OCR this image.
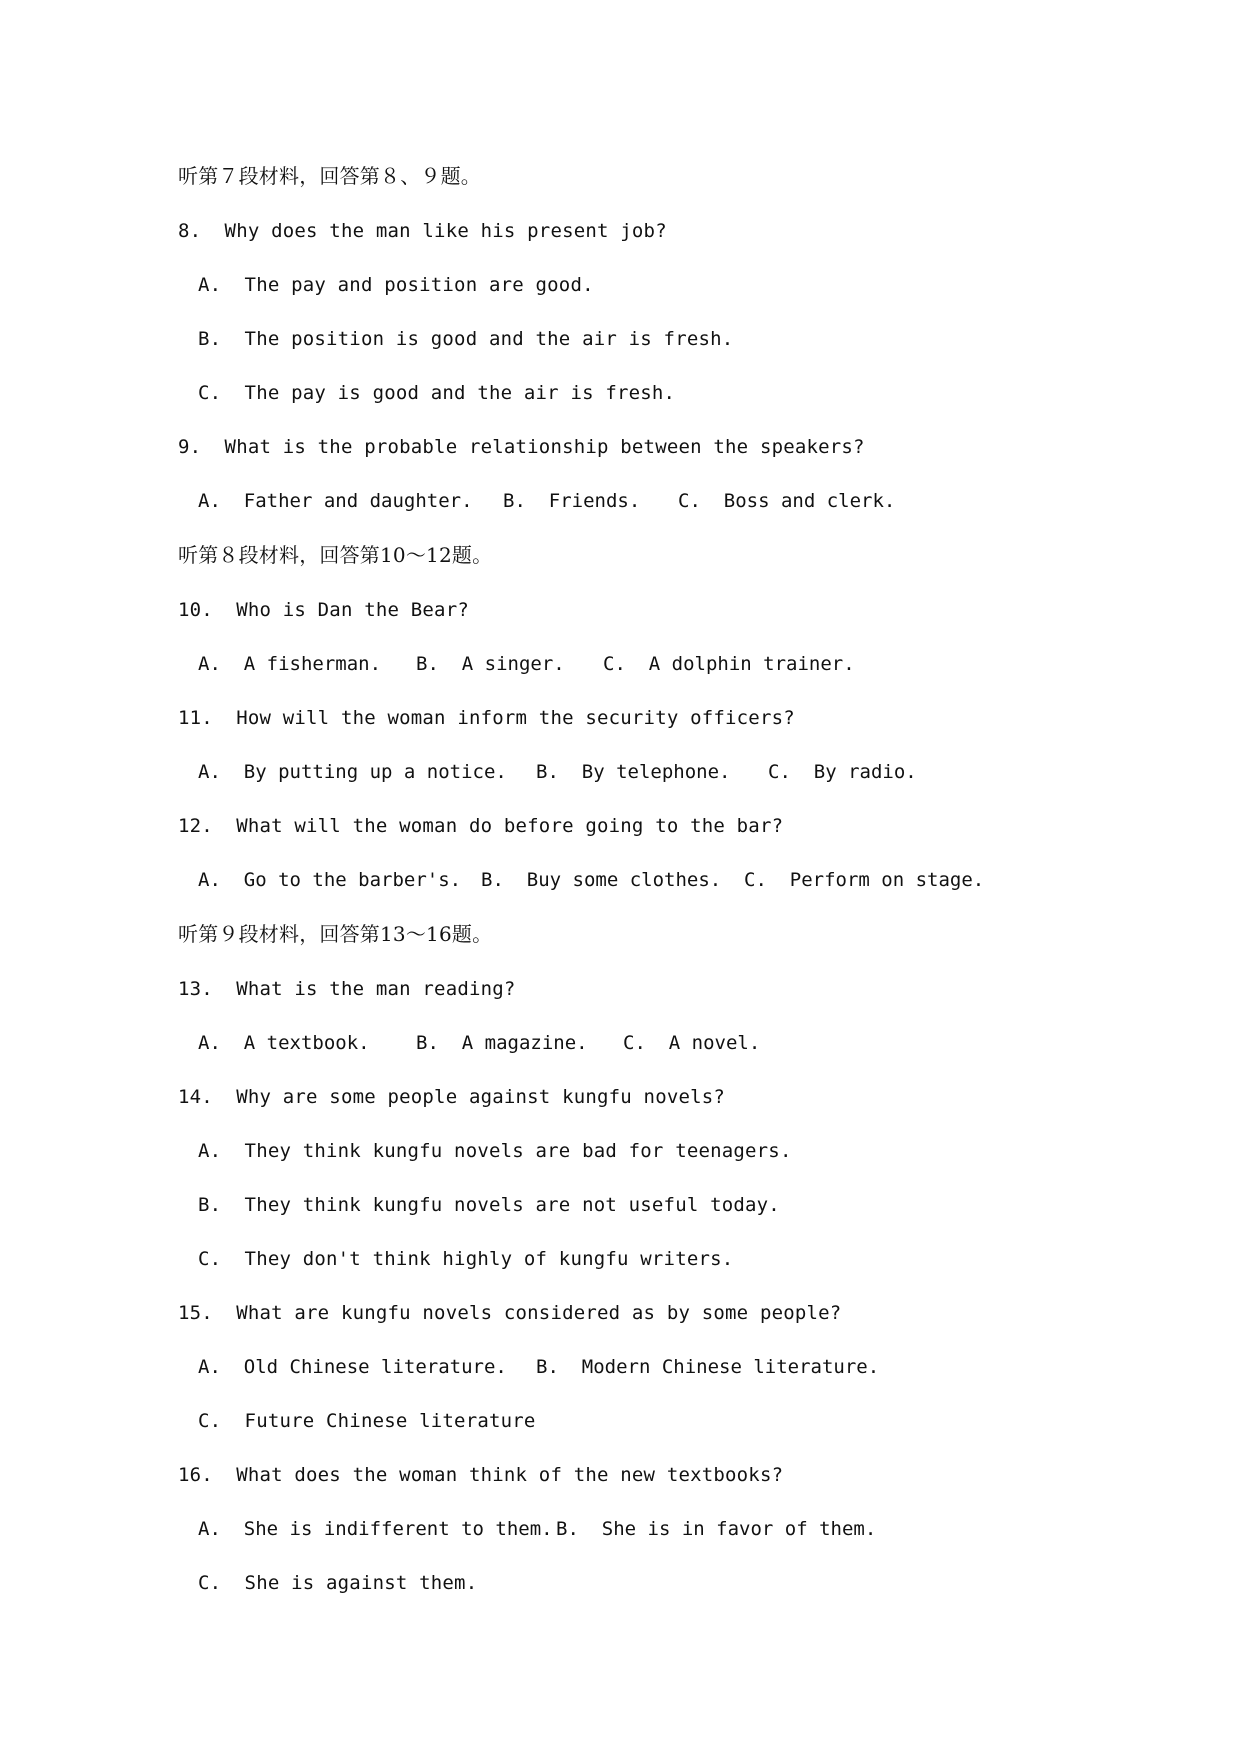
听第７段材料，回答第８、９题。
8.  Why does the man like his present job?
A.  The pay and position are good.
B.  The position is good and the air is fresh.
C.  The pay is good and the air is fresh.
9.  What is the probable relationship between the speakers?

A.  Father and daughter.

B.  Friends.

C.  Boss and clerk.

听第８段材料，回答第10～12题。
10.  Who is Dan the Bear?

A.  A fisherman.

B.  A singer.

C.  A dolphin trainer.

11.  How will the woman inform the security officers?

A.  By putting up a notice.

B.  By telephone.

C.  By radio.

12.  What will the woman do before going to the bar?

A.  Go to the barber's.

B.  Buy some clothes.

C.  Perform on stage.

听第９段材料，回答第13～16题。
13.  What is the man reading?

A.  A textbook.

B.  A magazine.

C.  A novel.

14.  Why are some people against kungfu novels?
A.  They think kungfu novels are bad for teenagers.
B.  They think kungfu novels are not useful today.
C.  They don't think highly of kungfu writers.
15.  What are kungfu novels considered as by some people?

A.  Old Chinese literature.

B.  Modern Chinese literature.

C.  Future Chinese literature
16.  What does the woman think of the new textbooks?

A.  She is indifferent to them.

B.  She is in favor of them.

C.  She is against them.
